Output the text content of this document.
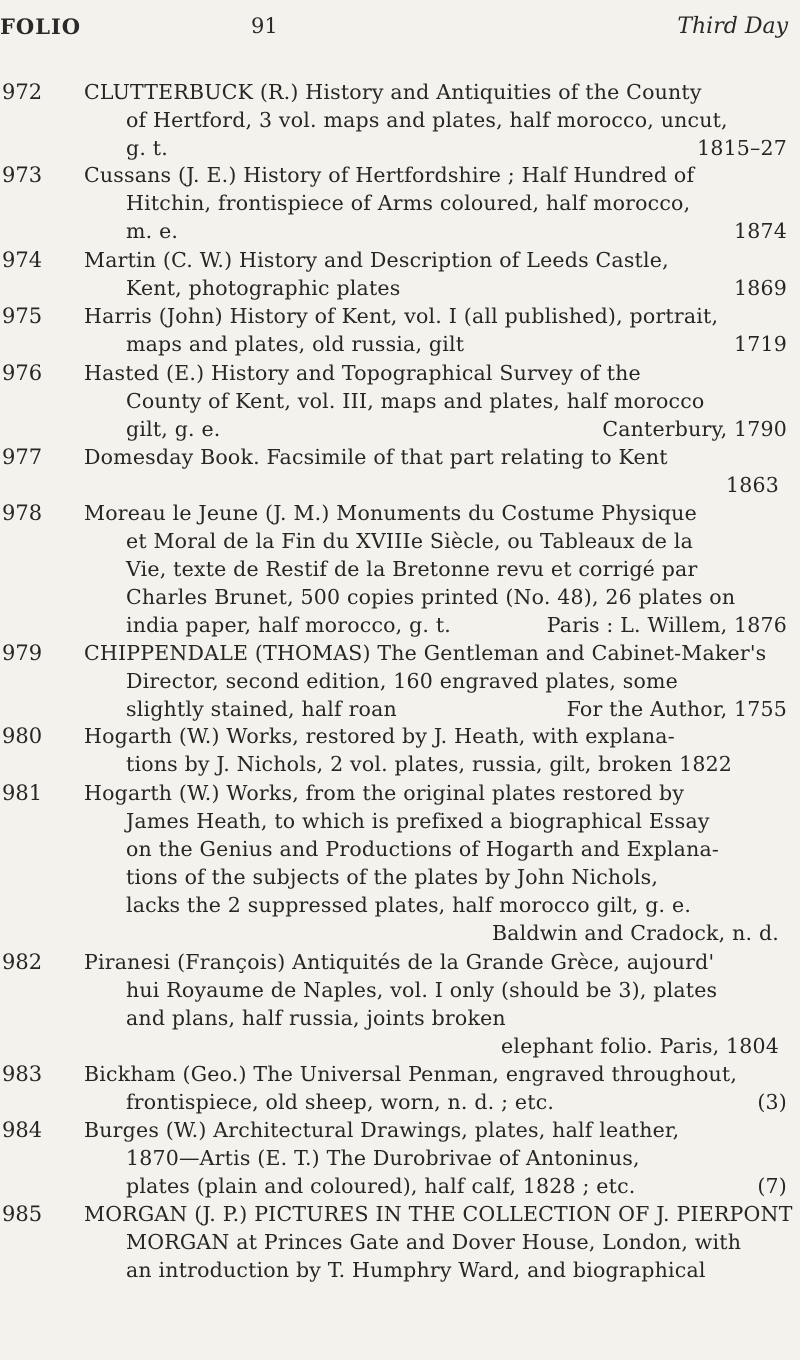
FOLIO	91	Third Day
972 CLUTTERBUCK (R.) History and Antiquities of the County
of Hertford, 3 vol. maps and plates, half morocco, uncut,
g. t.	1815–27
973 Cussans (J. E.) History of Hertfordshire ; Half Hundred of
Hitchin, frontispiece of Arms coloured, half morocco,
m. e.	1874
974 Martin (C. W.) History and Description of Leeds Castle,
Kent, photographic plates	1869
975 Harris (John) History of Kent, vol. I (all published), portrait,
maps and plates, old russia, gilt	1719
976 Hasted (E.) History and Topographical Survey of the
County of Kent, vol. III, maps and plates, half morocco
gilt, g. e.	Canterbury, 1790
977 Domesday Book. Facsimile of that part relating to Kent
1863
978 Moreau le Jeune (J. M.) Monuments du Costume Physique
et Moral de la Fin du XVIIIe Siècle, ou Tableaux de la
Vie, texte de Restif de la Bretonne revu et corrigé par
Charles Brunet, 500 copies printed (No. 48), 26 plates on
india paper, half morocco, g. t.	Paris : L. Willem, 1876
979 CHIPPENDALE (THOMAS) The Gentleman and Cabinet-Maker's
Director, second edition, 160 engraved plates, some
slightly stained, half roan	For the Author, 1755
980 Hogarth (W.) Works, restored by J. Heath, with explana-
tions by J. Nichols, 2 vol. plates, russia, gilt, broken 1822
981 Hogarth (W.) Works, from the original plates restored by
James Heath, to which is prefixed a biographical Essay
on the Genius and Productions of Hogarth and Explana-
tions of the subjects of the plates by John Nichols,
lacks the 2 suppressed plates, half morocco gilt, g. e.
Baldwin and Cradock, n. d.
982 Piranesi (François) Antiquités de la Grande Grèce, aujourd'
hui Royaume de Naples, vol. I only (should be 3), plates
and plans, half russia, joints broken
elephant folio. Paris, 1804
983 Bickham (Geo.) The Universal Penman, engraved throughout,
frontispiece, old sheep, worn, n. d. ; etc.	(3)
984 Burges (W.) Architectural Drawings, plates, half leather,
1870—Artis (E. T.) The Durobrivae of Antoninus,
plates (plain and coloured), half calf, 1828 ; etc.	(7)
985 MORGAN (J. P.) PICTURES IN THE COLLECTION OF J. PIERPONT
MORGAN at Princes Gate and Dover House, London, with
an introduction by T. Humphry Ward, and biographical
